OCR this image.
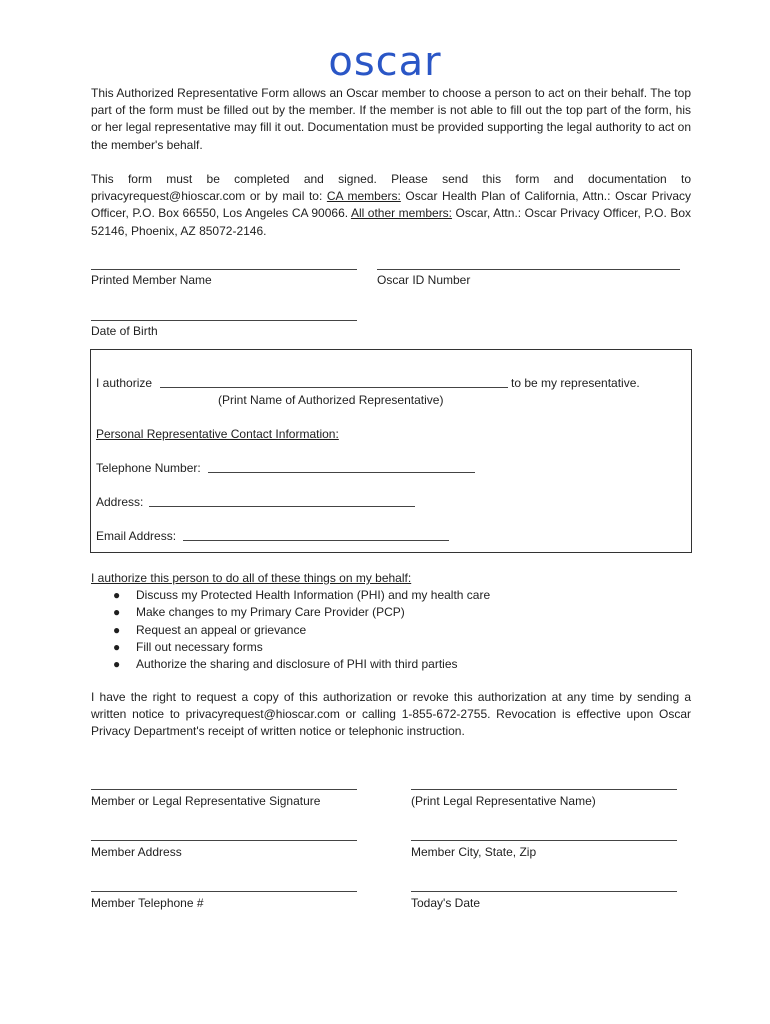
oscar

This Authorized Representative Form allows an Oscar member to choose a person to act on their behalf. The top part of the form must be filled out by the member. If the member is not able to fill out the top part of the form, his or her legal representative may fill it out. Documentation must be provided supporting the legal authority to act on the member's behalf.

This form must be completed and signed. Please send this form and documentation to privacyrequest@hioscar.com or by mail to: CA members: Oscar Health Plan of California, Attn.: Oscar Privacy Officer, P.O. Box 66550, Los Angeles CA 90066. All other members: Oscar, Attn.: Oscar Privacy Officer, P.O. Box 52146, Phoenix, AZ 85072-2146.

Printed Member Name	Oscar ID Number
Date of Birth
I authorize	to be my representative.
(Print Name of Authorized Representative)
Personal Representative Contact Information:
Telephone Number:
Address:
Email Address:
I authorize this person to do all of these things on my behalf:
● Discuss my Protected Health Information (PHI) and my health care
● Make changes to my Primary Care Provider (PCP)
● Request an appeal or grievance
● Fill out necessary forms
● Authorize the sharing and disclosure of PHI with third parties

I have the right to request a copy of this authorization or revoke this authorization at any time by sending a written notice to privacyrequest@hioscar.com or calling 1-855-672-2755. Revocation is effective upon Oscar Privacy Department's receipt of written notice or telephonic instruction.

Member or Legal Representative Signature	(Print Legal Representative Name)
Member Address	Member City, State, Zip
Member Telephone #	Today's Date
